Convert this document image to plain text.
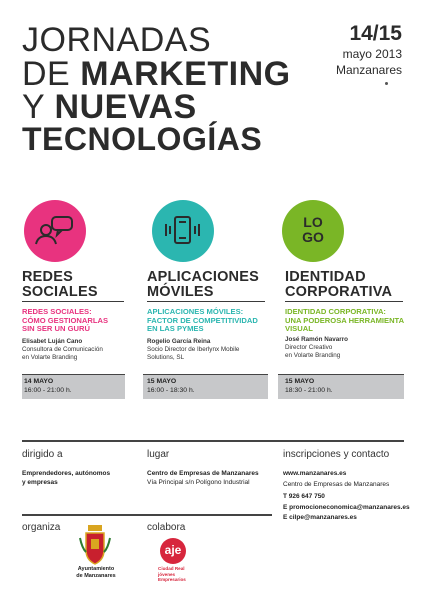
JORNADAS
DE MARKETING
Y NUEVAS
TECNOLOGÍAS
14/15
mayo 2013
Manzanares
REDES
SOCIALES
REDES SOCIALES:
CÓMO GESTIONARLAS
SIN SER UN GURÚ
Elisabet Luján Cano
Consultora de Comunicación
en Volarte Branding
14 MAYO
16:00 - 21:00 h.
APLICACIONES
MÓVILES
APLICACIONES MÓVILES:
FACTOR DE COMPETITIVIDAD
EN LAS PYMES
Rogelio García Reina
Socio Director de Iberlynx Mobile
Solutions, SL
15 MAYO
16:00 - 18:30 h.
LO
GO
IDENTIDAD
CORPORATIVA
IDENTIDAD CORPORATIVA:
UNA PODEROSA HERRAMIENTA
VISUAL
José Ramón Navarro
Director Creativo
en Volarte Branding
15 MAYO
18:30 - 21:00 h.
dirigido a
Emprendedores, autónomos
y empresas
lugar
Centro de Empresas de Manzanares
Vía Principal s/n Polígono Industrial
inscripciones y contacto
www.manzanares.es
Centro de Empresas de Manzanares
T 926 647 750
E promocioneconomica@manzanares.es
E cilpe@manzanares.es
organiza
Ayuntamiento
de Manzanares
colabora
aje
Ciudad Real
jóvenes Empresarios
